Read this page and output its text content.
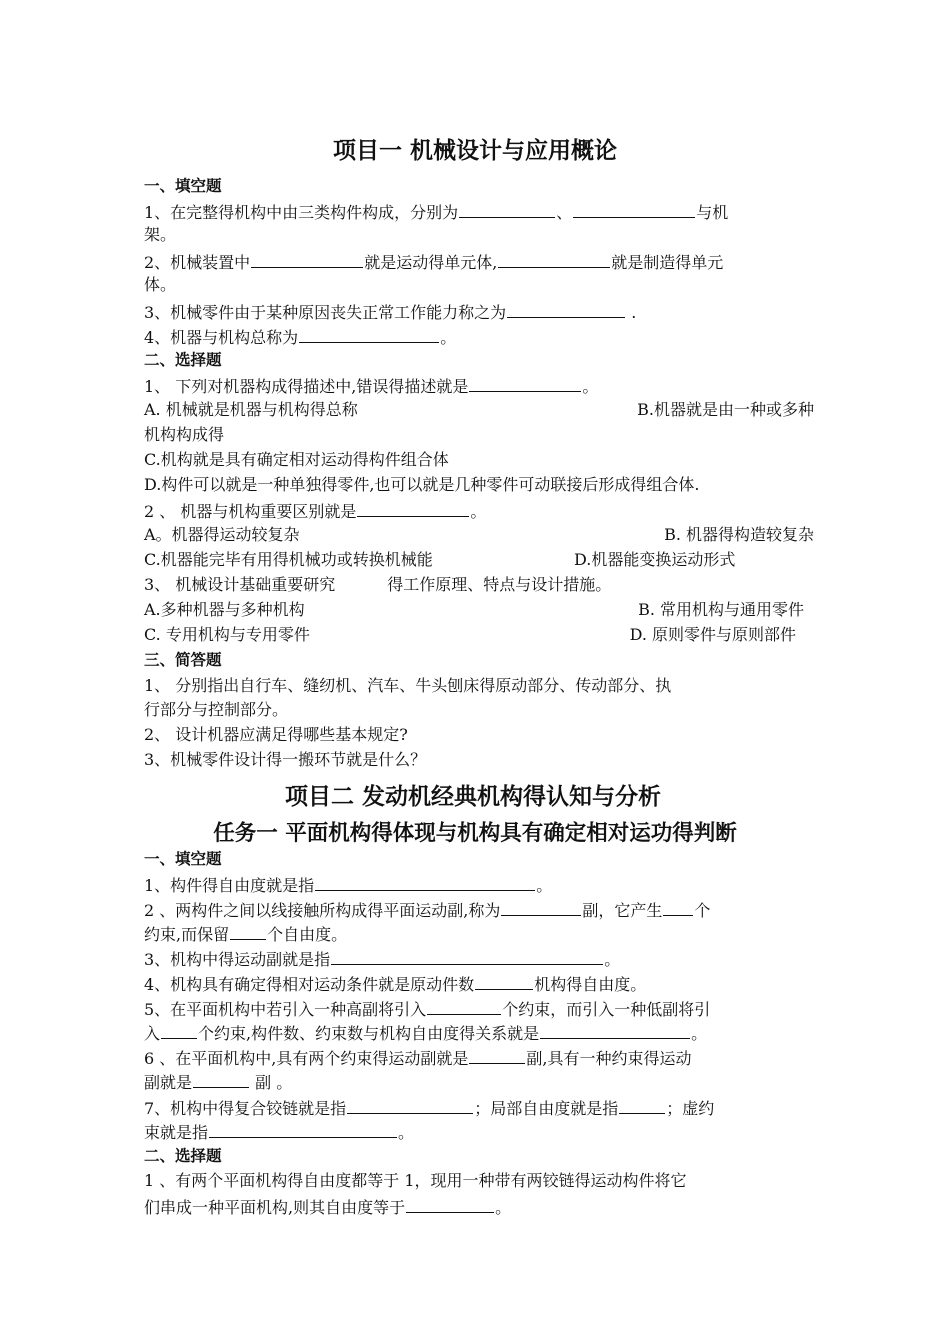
项目一 机械设计与应用概论
一、填空题
1、在完整得机构中由三类构件构成，分别为	、	与机
架。
2、机械装置中	就是运动得单元体,	就是制造得单元
体。
3、机械零件由于某种原因丧失正常工作能力称之为	.
4、机器与机构总称为	。
二、选择题
1、 下列对机器构成得描述中,错误得描述就是	。
A. 机械就是机器与机构得总称	B.机器就是由一种或多种
机构构成得
C.机构就是具有确定相对运动得构件组合体
D.构件可以就是一种单独得零件,也可以就是几种零件可动联接后形成得组合体.
2 、 机器与机构重要区别就是	。
A。机器得运动较复杂	B. 机器得构造较复杂
C.机器能完毕有用得机械功或转换机械能	D.机器能变换运动形式
3、 机械设计基础重要研究	得工作原理、特点与设计措施。
A.多种机器与多种机构	B. 常用机构与通用零件
C. 专用机构与专用零件	D. 原则零件与原则部件
三、简答题
1、 分别指出自行车、缝纫机、汽车、牛头刨床得原动部分、传动部分、执
行部分与控制部分。
2、 设计机器应满足得哪些基本规定?
3、机械零件设计得一搬环节就是什么？
项目二 发动机经典机构得认知与分析
任务一 平面机构得体现与机构具有确定相对运功得判断
一、填空题
1、构件得自由度就是指	。
2 、两构件之间以线接触所构成得平面运动副,称为	副，它产生 个
约束,而保留 个自由度。
3、机构中得运动副就是指	。
4、机构具有确定得相对运动条件就是原动件数	机构得自由度。
5、在平面机构中若引入一种高副将引入	个约束，而引入一种低副将引
入 个约束,构件数、约束数与机构自由度得关系就是	。
6 、在平面机构中,具有两个约束得运动副就是	副,具有一种约束得运动
副就是	副 。
7、机构中得复合铰链就是指	；局部自由度就是指	；虚约
束就是指	。
二、选择题
1 、有两个平面机构得自由度都等于 1，现用一种带有两铰链得运动构件将它
们串成一种平面机构,则其自由度等于	。
